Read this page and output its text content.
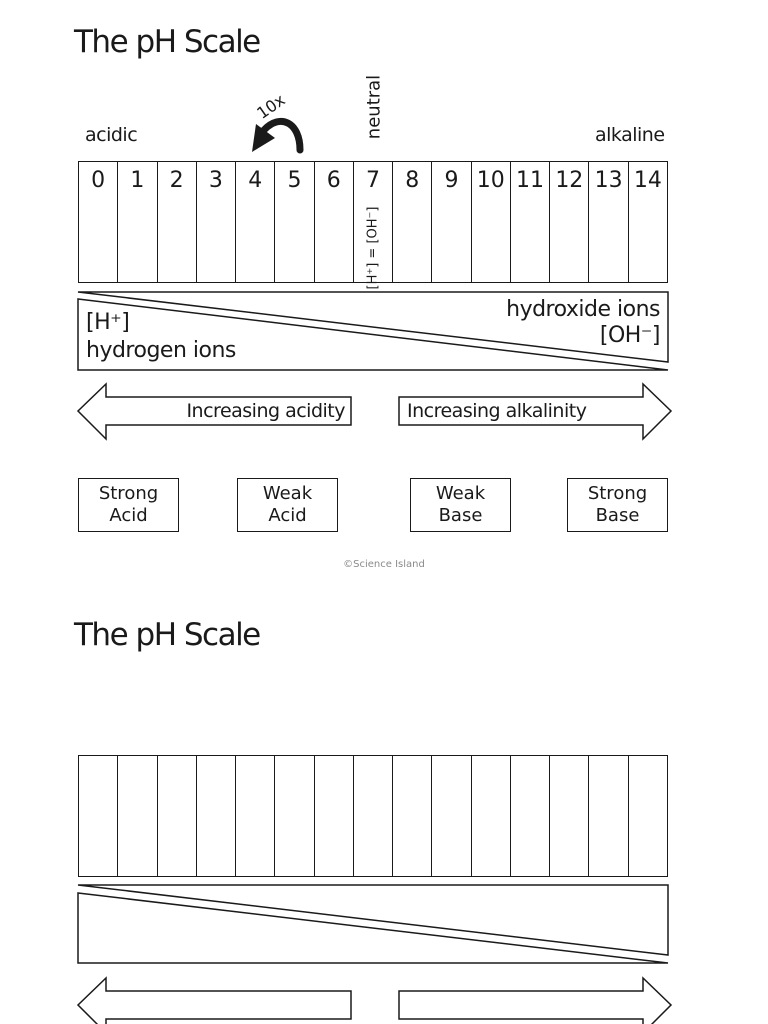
The pH Scale
acidic	alkaline
neutral
10x
0	1	2	3	4	5	6	7
[H⁺] = [OH⁻]
8	9 10 11 12 13 14
[H⁺]
hydrogen ions
hydroxide ions
[OH⁻]
Increasing acidity	Increasing alkalinity
Strong
Acid
Weak
Acid
Weak
Base
Strong
Base
©Science Island
The pH Scale
